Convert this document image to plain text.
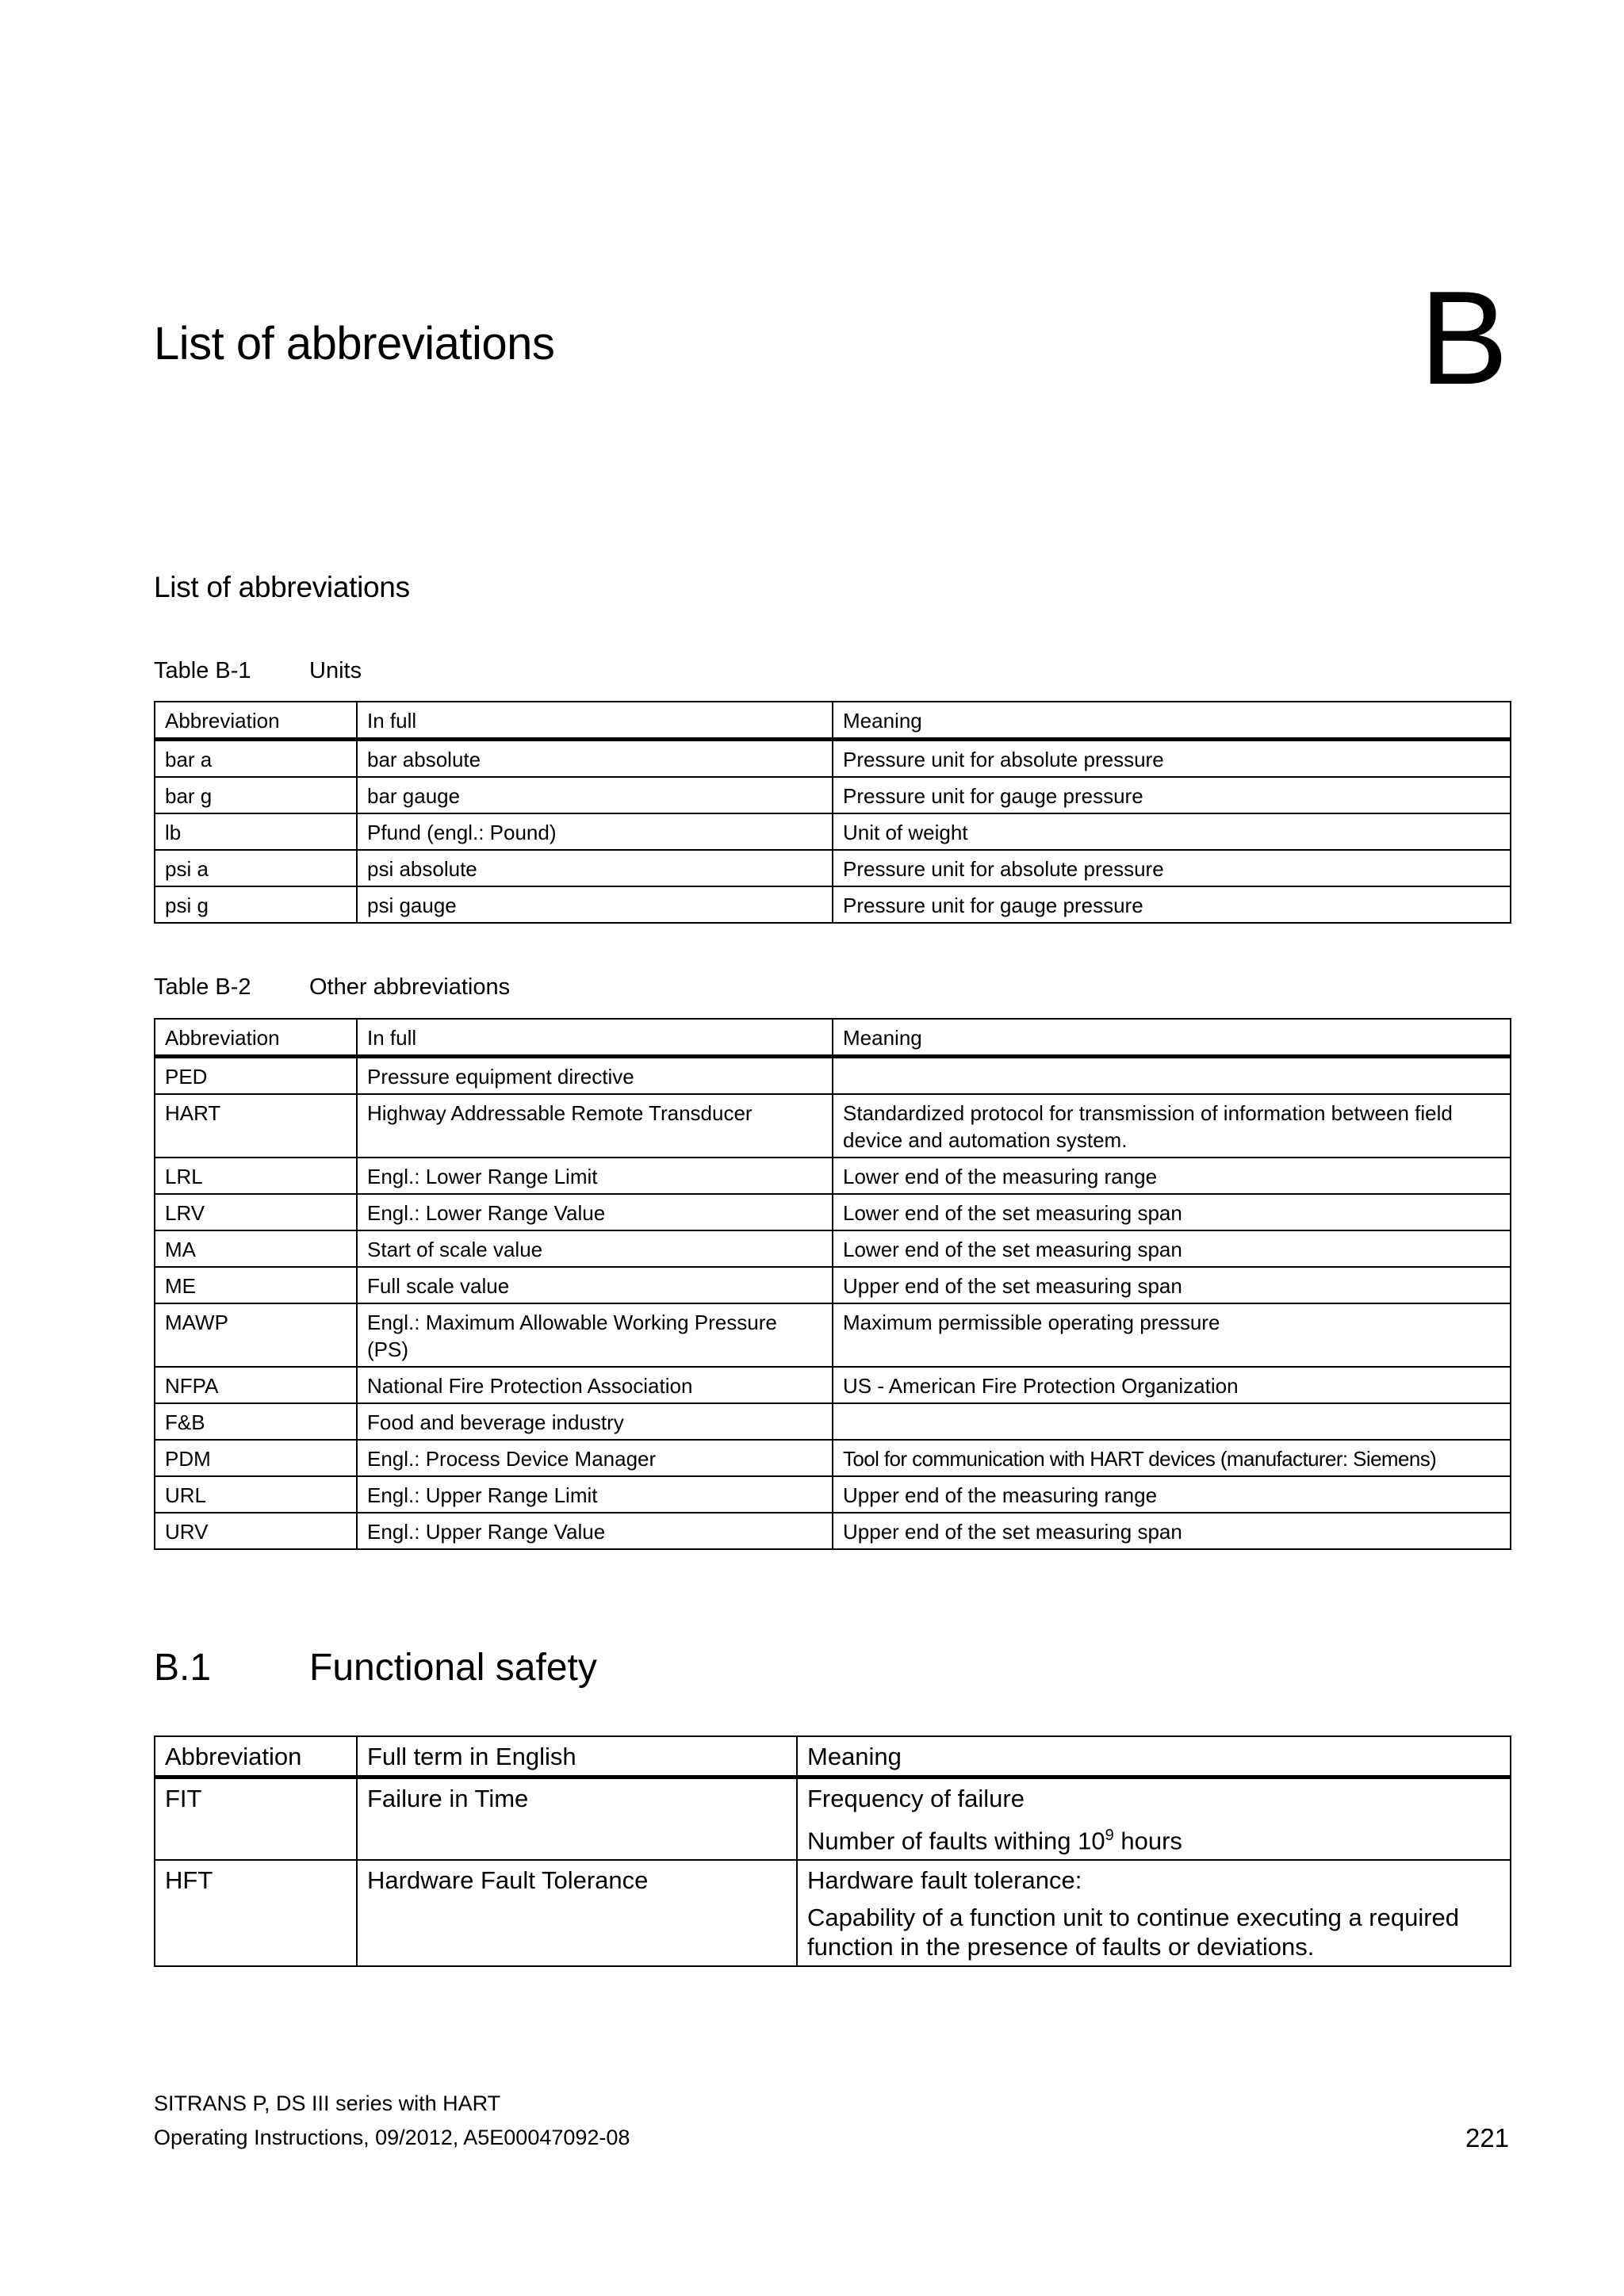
List of abbreviations	B
List of abbreviations
Table B-1	Units
Abbreviation	In full	Meaning
bar a	bar absolute	Pressure unit for absolute pressure
bar g	bar gauge	Pressure unit for gauge pressure
lb	Pfund (engl.: Pound)	Unit of weight
psi a	psi absolute	Pressure unit for absolute pressure
psi g	psi gauge	Pressure unit for gauge pressure
Table B-2	Other abbreviations
Abbreviation	In full	Meaning
PED	Pressure equipment directive	
HART	Highway Addressable Remote Transducer	Standardized protocol for transmission of information between field device and automation system.
LRL	Engl.: Lower Range Limit	Lower end of the measuring range
LRV	Engl.: Lower Range Value	Lower end of the set measuring span
MA	Start of scale value	Lower end of the set measuring span
ME	Full scale value	Upper end of the set measuring span
MAWP	Engl.: Maximum Allowable Working Pressure (PS)	Maximum permissible operating pressure
NFPA	National Fire Protection Association	US - American Fire Protection Organization
F&B	Food and beverage industry	
PDM	Engl.: Process Device Manager	Tool for communication with HART devices (manufacturer: Siemens)
URL	Engl.: Upper Range Limit	Upper end of the measuring range
URV	Engl.: Upper Range Value	Upper end of the set measuring span
B.1	Functional safety
Abbreviation	Full term in English	Meaning
FIT	Failure in Time	Frequency of failure

Number of faults withing $10^9$ hours

HFT	Hardware Fault Tolerance	Hardware fault tolerance:

Capability of a function unit to continue executing a required function in the presence of faults or deviations.

SITRANS P, DS III series with HART
Operating Instructions, 09/2012, A5E00047092-08	221
